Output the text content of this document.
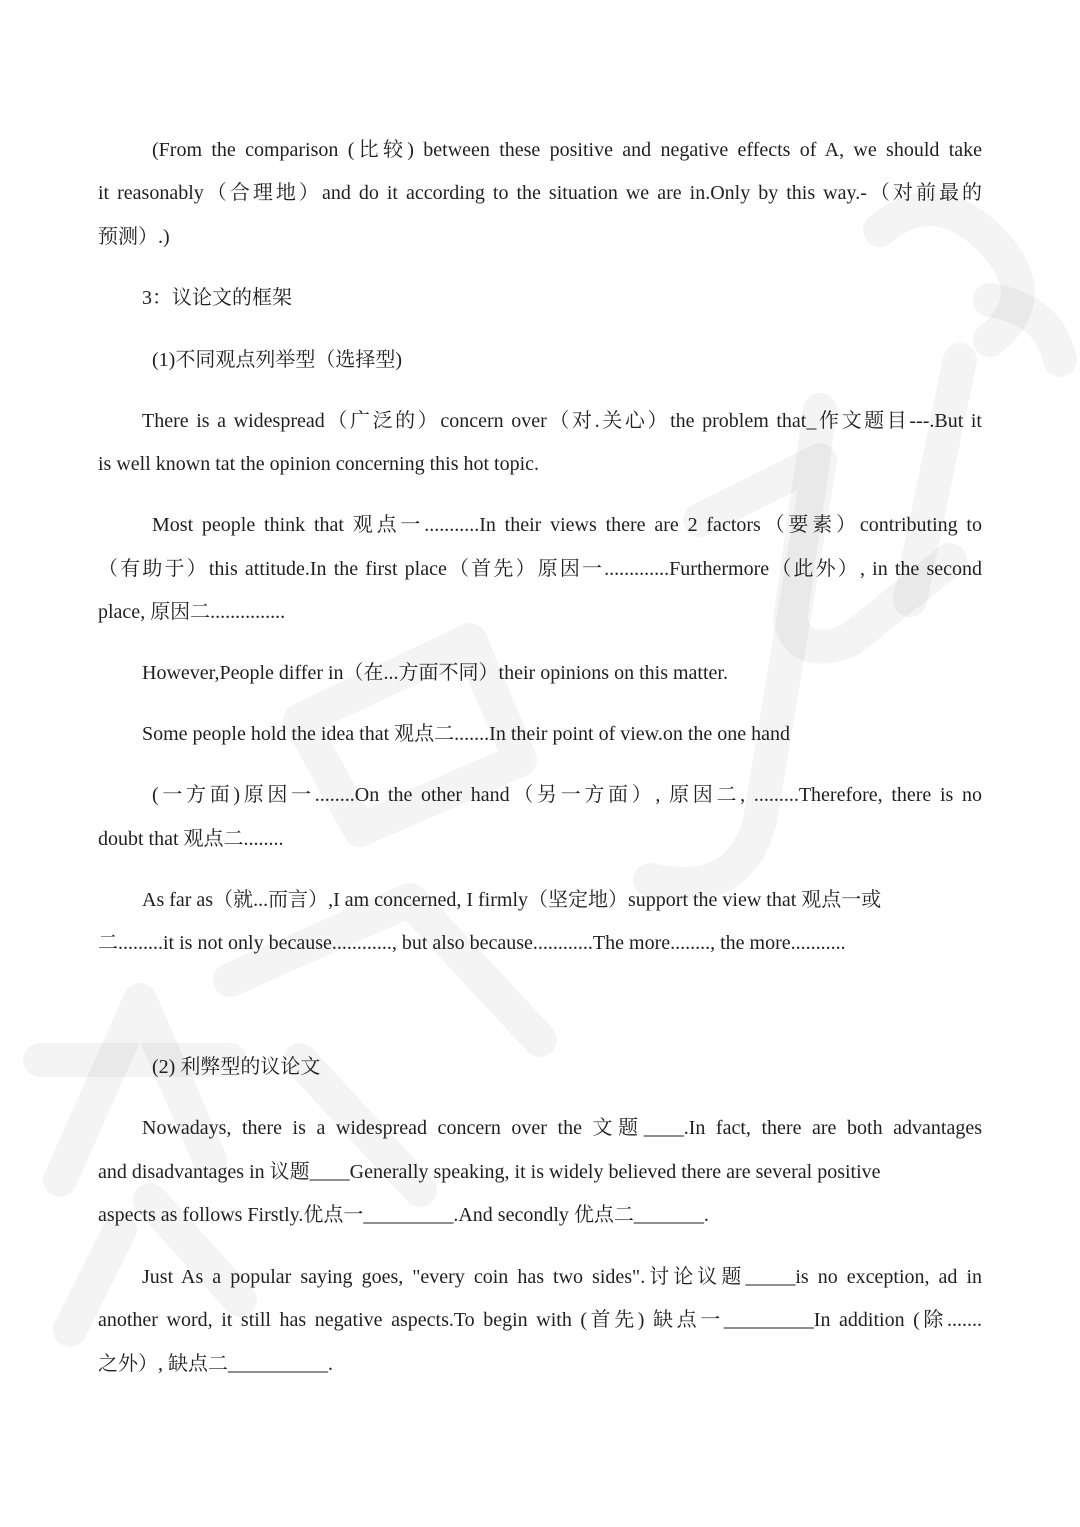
(From the comparison (比较) between these positive and negative effects of A, we should take
it reasonably（合理地）and do it according to the situation we are in.Only by this way.-（对前最的
预测）.)
3：议论文的框架
(1)不同观点列举型（选择型)
There is a widespread（广泛的）concern over（对.关心）the problem that_作文题目---.But it
is well known tat the opinion concerning this hot topic.
Most people think that 观点一...........In their views there are 2 factors（要素）contributing to
（有助于）this attitude.In the first place（首先）原因一.............Furthermore（此外）, in the second
place, 原因二...............
However,People differ in（在...方面不同）their opinions on this matter.
Some people hold the idea that 观点二.......In their point of view.on the one hand
(一方面)原因一........On the other hand（另一方面）, 原因二, .........Therefore, there is no
doubt that 观点二........
As far as（就...而言）,I am concerned, I firmly（坚定地）support the view that 观点一或
二.........it is not only because............, but also because............The more........, the more...........
(2) 利弊型的议论文
Nowadays, there is a widespread concern over the 文题____.In fact, there are both advantages
and disadvantages in 议题____Generally speaking, it is widely believed there are several positive
aspects as follows Firstly.优点一_________.And secondly 优点二_______.
Just As a popular saying goes, "every coin has two sides".讨论议题_____is no exception, ad in
another word, it still has negative aspects.To begin with (首先) 缺点一_________In addition (除.......
之外）, 缺点二__________.
